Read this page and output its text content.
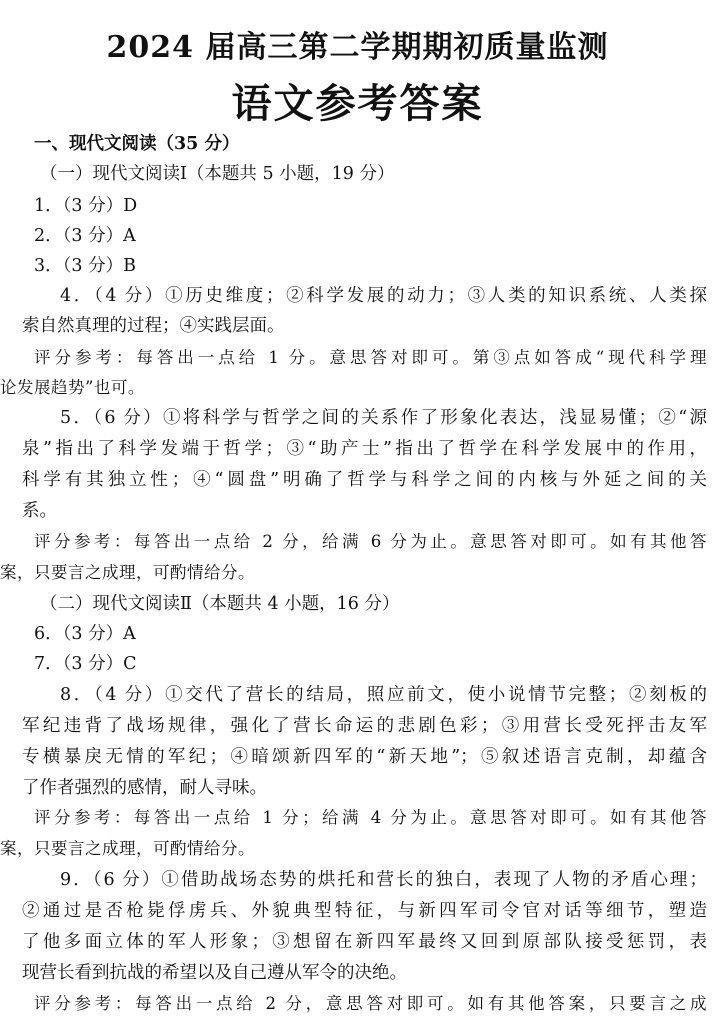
2024 届高三第二学期期初质量监测
语文参考答案
一、现代文阅读（35 分）
（一）现代文阅读Ⅰ（本题共 5 小题，19 分）
1．（3 分）D
2．（3 分）A
3．（3 分）B
4．（4 分）①历史维度；②科学发展的动力；③人类的知识系统、人类探
索自然真理的过程；④实践层面。
评分参考：每答出一点给 1 分。意思答对即可。第③点如答成“现代科学理
论发展趋势”也可。
5．（6 分）①将科学与哲学之间的关系作了形象化表达，浅显易懂；②“源
泉”指出了科学发端于哲学；③“助产士”指出了哲学在科学发展中的作用，
科学有其独立性；④“圆盘”明确了哲学与科学之间的内核与外延之间的关
系。
评分参考：每答出一点给 2 分，给满 6 分为止。意思答对即可。如有其他答
案，只要言之成理，可酌情给分。
（二）现代文阅读Ⅱ（本题共 4 小题，16 分）
6．（3 分）A
7．（3 分）C
8．（4 分）①交代了营长的结局，照应前文，使小说情节完整；②刻板的
军纪违背了战场规律，强化了营长命运的悲剧色彩；③用营长受死抨击友军
专横暴戾无情的军纪；④暗颂新四军的“新天地”；⑤叙述语言克制，却蕴含
了作者强烈的感情，耐人寻味。
评分参考：每答出一点给 1 分；给满 4 分为止。意思答对即可。如有其他答
案，只要言之成理，可酌情给分。
9．（6 分）①借助战场态势的烘托和营长的独白，表现了人物的矛盾心理；
②通过是否枪毙俘虏兵、外貌典型特征，与新四军司令官对话等细节，塑造
了他多面立体的军人形象；③想留在新四军最终又回到原部队接受惩罚，表
现营长看到抗战的希望以及自己遵从军令的决绝。
评分参考：每答出一点给 2 分，意思答对即可。如有其他答案，只要言之成
